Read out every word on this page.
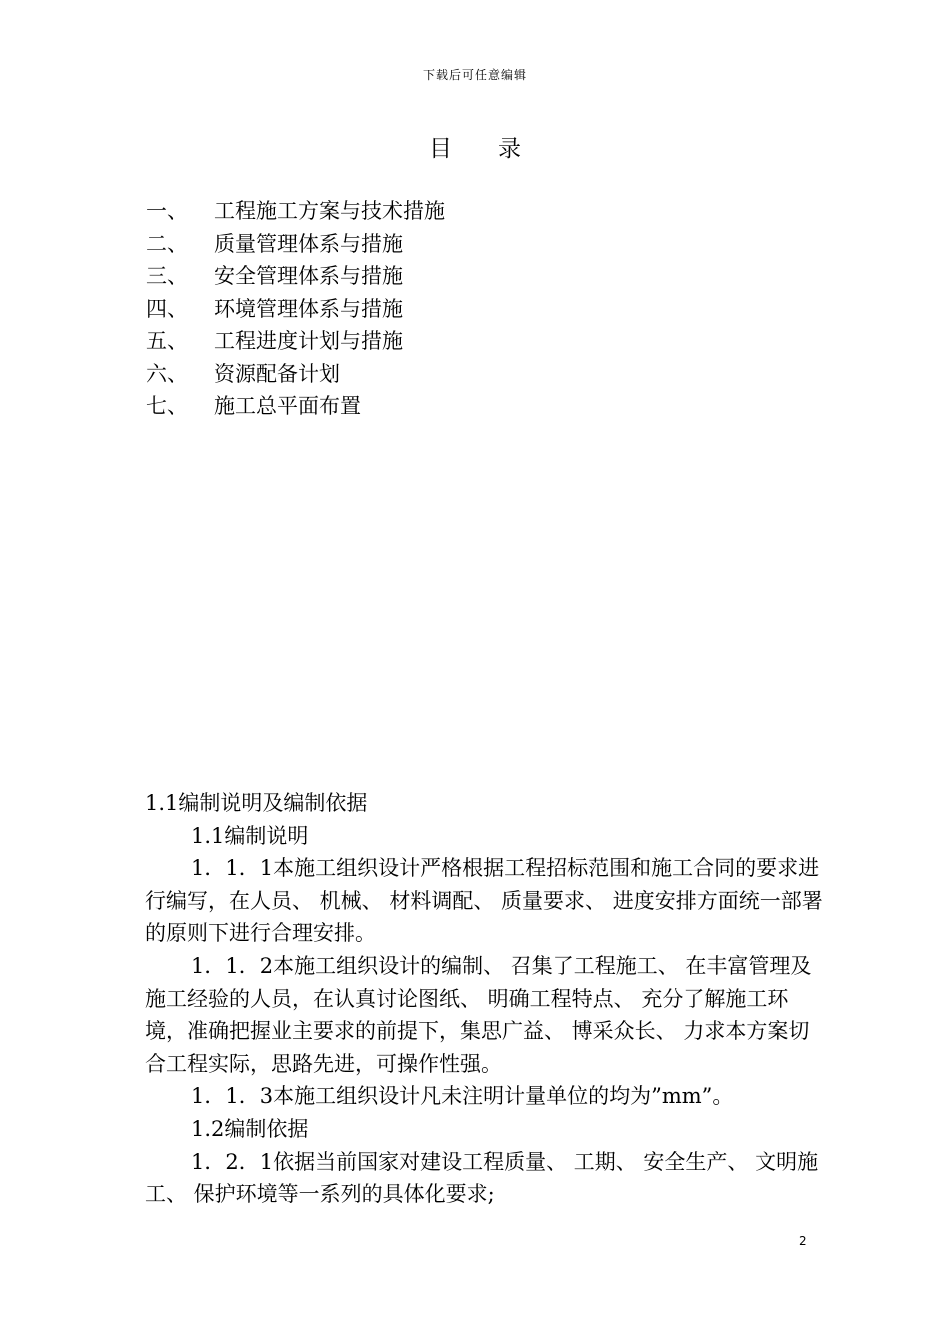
下载后可任意编辑
目 录
一、 工程施工方案与技术措施
二、 质量管理体系与措施
三、 安全管理体系与措施
四、 环境管理体系与措施
五、 工程进度计划与措施
六、 资源配备计划
七、 施工总平面布置

1.1编制说明及编制依据

1.1编制说明

1．1．1本施工组织设计严格根据工程招标范围和施工合同的要求进行编写，在人员、 机械、 材料调配、 质量要求、 进度安排方面统一部署的原则下进行合理安排。

1．1．2本施工组织设计的编制、 召集了工程施工、 在丰富管理及施工经验的人员，在认真讨论图纸、 明确工程特点、 充分了解施工环境，准确把握业主要求的前提下，集思广益、 博采众长、 力求本方案切合工程实际，思路先进，可操作性强。

1．1．3本施工组织设计凡未注明计量单位的均为”mm”。

1.2编制依据

1．2．1依据当前国家对建设工程质量、 工期、 安全生产、 文明施工、 保护环境等一系列的具体化要求;

2
